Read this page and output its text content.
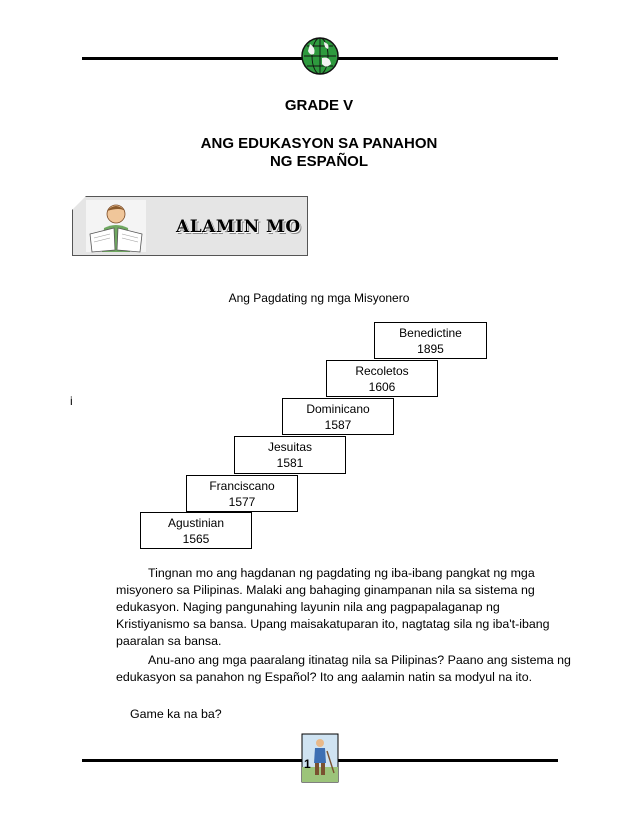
GRADE V
ANG EDUKASYON SA PANAHON
NG ESPAÑOL
ALAMIN MO
Ang Pagdating ng mga Misyonero
Agustinian
1565
Franciscano
1577
Jesuitas
1581
Dominicano
1587
Recoletos
1606
Benedictine
1895
i

Tingnan mo ang hagdanan ng pagdating ng iba-ibang pangkat ng mga misyonero sa Pilipinas. Malaki ang bahaging ginampanan nila sa sistema ng edukasyon. Naging pangunahing layunin nila ang pagpapalaganap ng Kristiyanismo sa bansa. Upang maisakatuparan ito, nagtatag sila ng iba't-ibang paaralan sa bansa.

Anu-ano ang mga paaralang itinatag nila sa Pilipinas? Paano ang sistema ng edukasyon sa panahon ng Español? Ito ang aalamin natin sa modyul na ito.

Game ka na ba?

1
